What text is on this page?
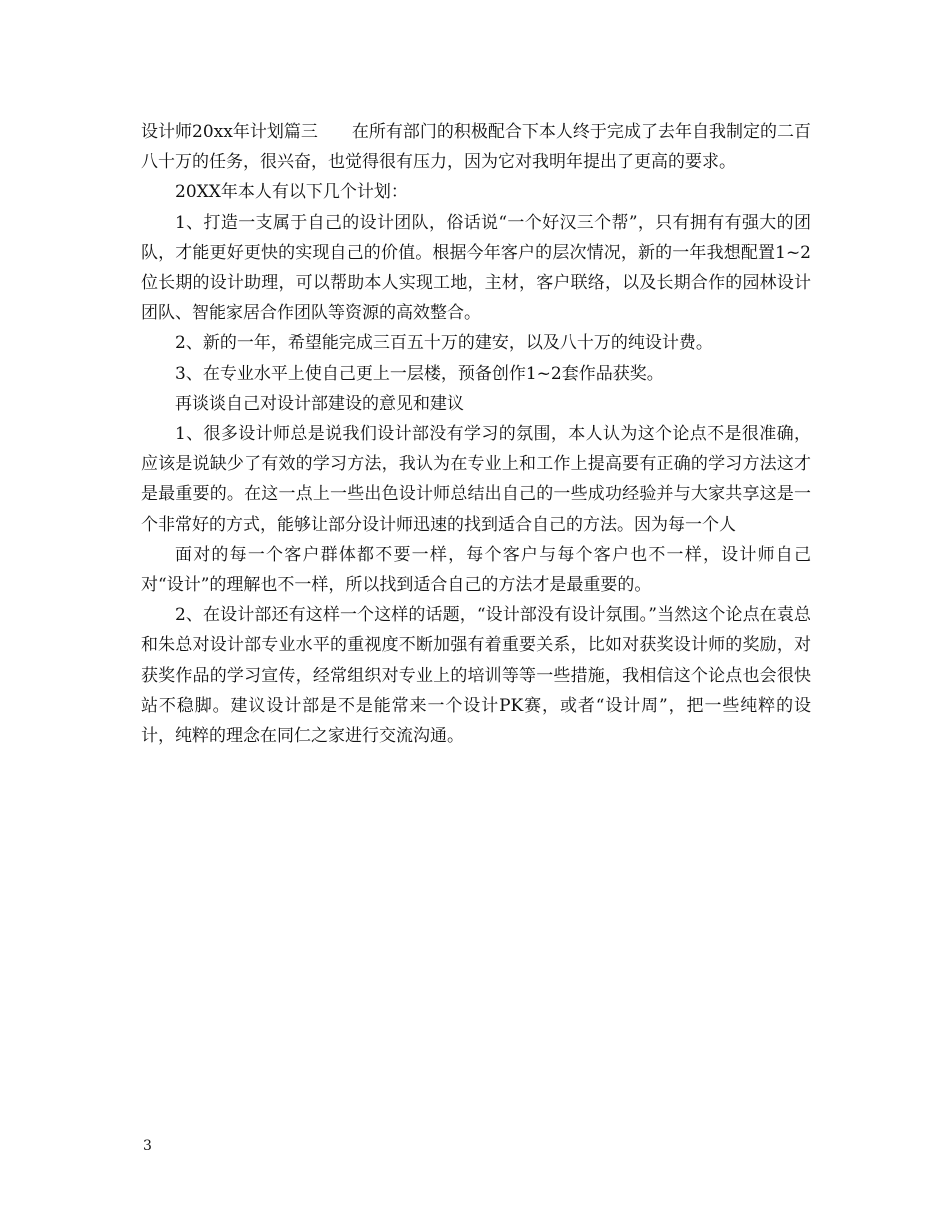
设计师20xx年计划篇三　　在所有部门的积极配合下本人终于完成了去年自我制定的二百八十万的任务，很兴奋，也觉得很有压力，因为它对我明年提出了更高的要求。

20XX年本人有以下几个计划：

1、打造一支属于自己的设计团队，俗话说“一个好汉三个帮”，只有拥有有强大的团队，才能更好更快的实现自己的价值。根据今年客户的层次情况，新的一年我想配置1~2位长期的设计助理，可以帮助本人实现工地，主材，客户联络，以及长期合作的园林设计团队、智能家居合作团队等资源的高效整合。

2、新的一年，希望能完成三百五十万的建安，以及八十万的纯设计费。

3、在专业水平上使自己更上一层楼，预备创作1~2套作品获奖。

再谈谈自己对设计部建设的意见和建议

1、很多设计师总是说我们设计部没有学习的氛围，本人认为这个论点不是很准确，应该是说缺少了有效的学习方法，我认为在专业上和工作上提高要有正确的学习方法这才是最重要的。在这一点上一些出色设计师总结出自己的一些成功经验并与大家共享这是一个非常好的方式，能够让部分设计师迅速的找到适合自己的方法。因为每一个人

面对的每一个客户群体都不要一样，每个客户与每个客户也不一样，设计师自己对“设计”的理解也不一样，所以找到适合自己的方法才是最重要的。

2、在设计部还有这样一个这样的话题，“设计部没有设计氛围。”当然这个论点在袁总和朱总对设计部专业水平的重视度不断加强有着重要关系，比如对获奖设计师的奖励，对获奖作品的学习宣传，经常组织对专业上的培训等等一些措施，我相信这个论点也会很快站不稳脚。建议设计部是不是能常来一个设计PK赛，或者“设计周”，把一些纯粹的设计，纯粹的理念在同仁之家进行交流沟通。

3
